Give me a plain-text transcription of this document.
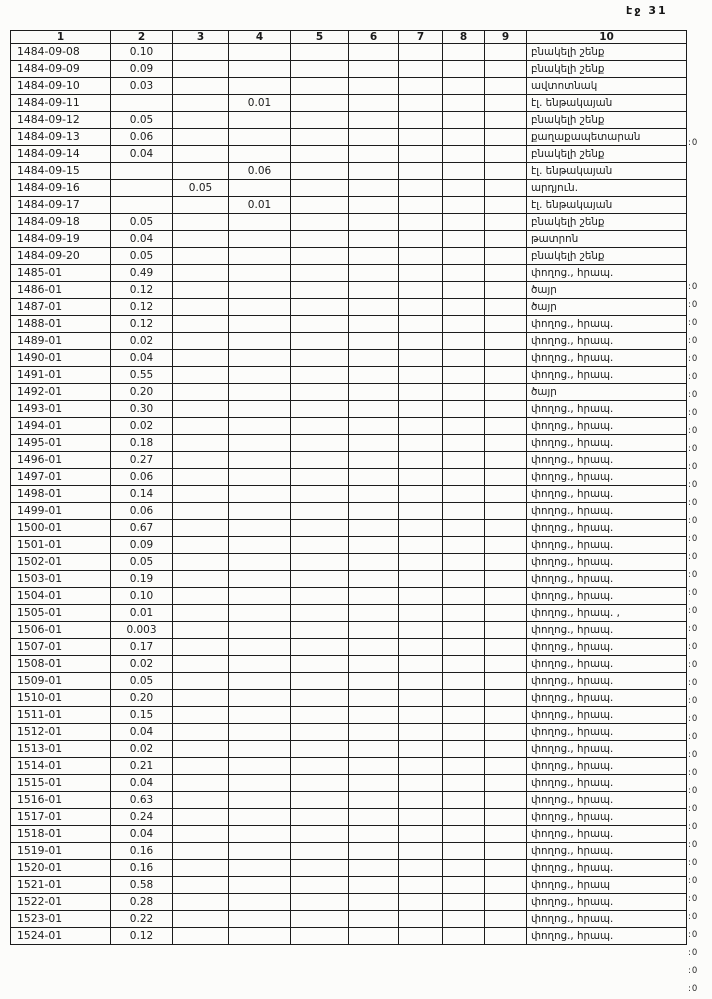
էջ 31
1	2	3	4	5	6	7	8	9	10
1484-09-08	0.10								բնակելի շենք
1484-09-09	0.09								բնակելի շենք
1484-09-10	0.03								ավտոտնակ
1484-09-11			0.01						էլ. ենթակայան
1484-09-12	0.05								բնակելի շենք
1484-09-13	0.06								քաղաքապետարան
1484-09-14	0.04								բնակելի շենք
1484-09-15			0.06						էլ. ենթակայան
1484-09-16		0.05							արդյուն.
1484-09-17			0.01						էլ. ենթակայան
1484-09-18	0.05								բնակելի շենք
1484-09-19	0.04								թատրոն
1484-09-20	0.05								բնակելի շենք
1485-01	0.49								փողոց., հրապ.
1486-01	0.12								ծայր
1487-01	0.12								ծայր
1488-01	0.12								փողոց., հրապ.
1489-01	0.02								փողոց., հրապ.
1490-01	0.04								փողոց., հրապ.
1491-01	0.55								փողոց., հրապ.
1492-01	0.20								ծայր
1493-01	0.30								փողոց., հրապ.
1494-01	0.02								փողոց., հրապ.
1495-01	0.18								փողոց., հրապ.
1496-01	0.27								փողոց., հրապ.
1497-01	0.06								փողոց., հրապ.
1498-01	0.14								փողոց., հրապ.
1499-01	0.06								փողոց., հրապ.
1500-01	0.67								փողոց., հրապ.
1501-01	0.09								փողոց., հրապ.
1502-01	0.05								փողոց., հրապ.
1503-01	0.19								փողոց., հրապ.
1504-01	0.10								փողոց., հրապ.
1505-01	0.01								փողոց., հրապ. ,
1506-01	0.003								փողոց., հրապ.
1507-01	0.17								փողոց., հրապ.
1508-01	0.02								փողոց., հրապ.
1509-01	0.05								փողոց., հրապ.
1510-01	0.20								փողոց., հրապ.
1511-01	0.15								փողոց., հրապ.
1512-01	0.04								փողոց., հրապ.
1513-01	0.02								փողոց., հրապ.
1514-01	0.21								փողոց., հրապ.
1515-01	0.04								փողոց., հրապ.
1516-01	0.63								փողոց., հրապ.
1517-01	0.24								փողոց., հրապ.
1518-01	0.04								փողոց., հրապ.
1519-01	0.16								փողոց., հրապ.
1520-01	0.16								փողոց., հրապ.
1521-01	0.58								փողոց., հրապ
1522-01	0.28								փողոց., հրապ.
1523-01	0.22								փողոց., հրապ.
1524-01	0.12								փողոց., հրապ.
:0
:0
:0
:0
:0
:0
:0
:0
:0
:0
:0
:0
:0
:0
:0
:0
:0
:0
:0
:0
:0
:0
:0
:0
:0
:0
:0
:0
:0
:0
:0
:0
:0
:0
:0
:0
:0
:0
:0
:0
:0
